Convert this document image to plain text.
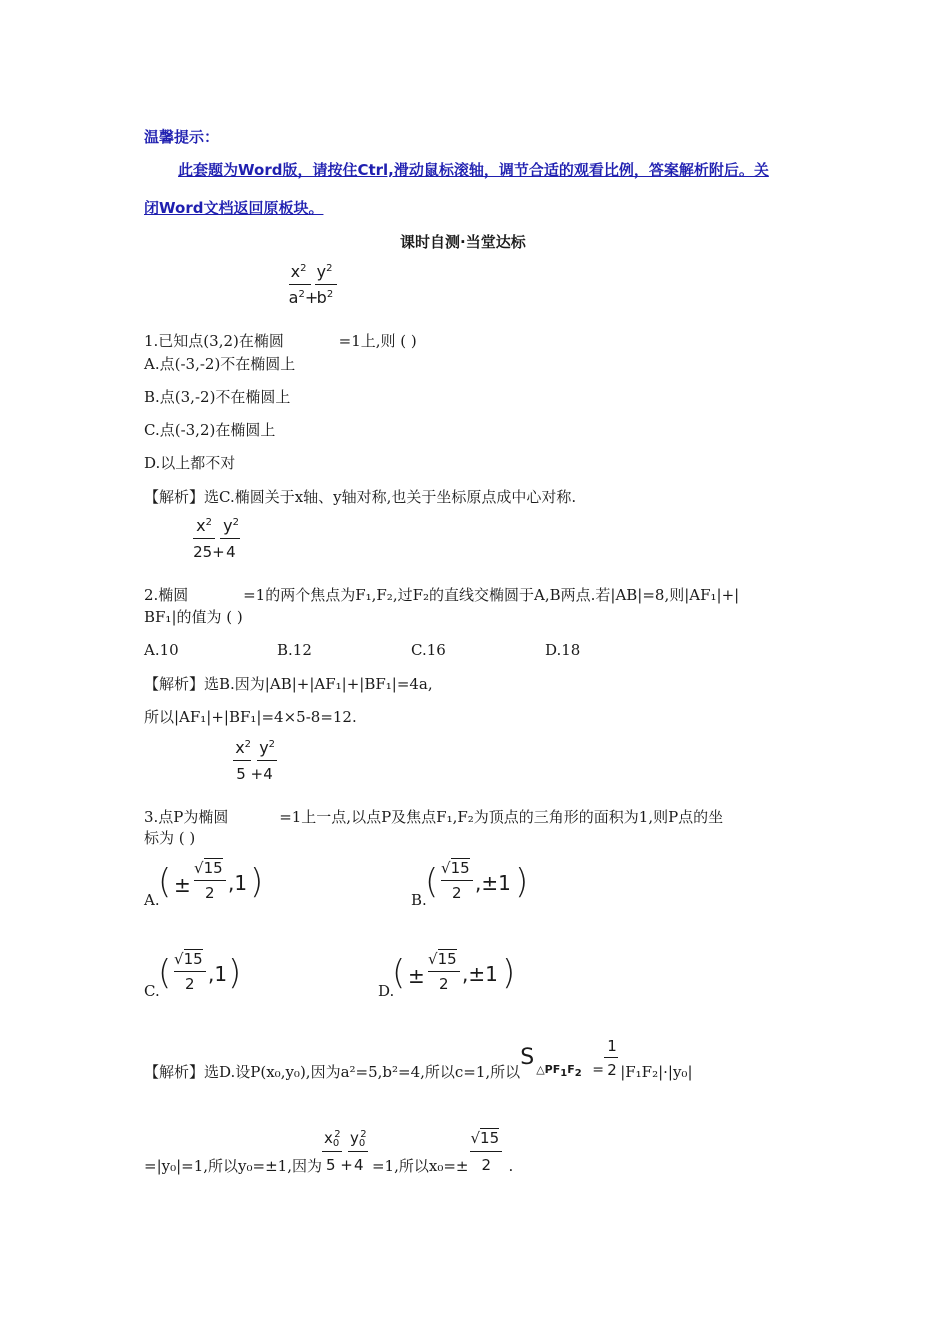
温馨提示：
此套题为Word版，请按住Ctrl,滑动鼠标滚轴，调节合适的观看比例，答案解析附后。关
闭Word文档返回原板块。
课时自测·当堂达标
1.已知点(3,2)在椭圆
$x^2$ $y^2$
$a^2+$
$b^2$
=1上,则 ( )
A.点(-3,-2)不在椭圆上
B.点(3,-2)不在椭圆上
C.点(-3,2)在椭圆上
D.以上都不对
【解析】选C.椭圆关于x轴、y轴对称,也关于坐标原点成中心对称.
2.椭圆
$x^2$ $y^2$
25+ 4
=1的两个焦点为F₁,F₂,过F₂的直线交椭圆于A,B两点.若|AB|=8,则|AF₁|+|
BF₁|的值为 ( )
A.10	B.12	C.16	D.18
【解析】选B.因为|AB|+|AF₁|+|BF₁|=4a,
所以|AF₁|+|BF₁|=4×5-8=12.
3.点P为椭圆
$x^2$ $y^2$
5 + 4
=1上一点,以点P及焦点F₁,F₂为顶点的三角形的面积为1,则P点的坐
标为 ( )
A.
( ±
√15
2 ,1 )	B.
( √15
2 ,±1 )
C.
( √15
2 ,1 )	D.
( ±
√15
2 ,±1 )
【解析】选D.设P(x₀,y₀),因为a²=5,b²=4,所以c=1,所以
S $\triangle PF_1F_2$ =
1
2 |F₁F₂|·|y₀|
=|y₀|=1,所以y₀=±1,因为
$x_0^2$ $y_0^2$
5 + 4 =1,所以$x_0=\pm \frac{√15}{2}$ .
